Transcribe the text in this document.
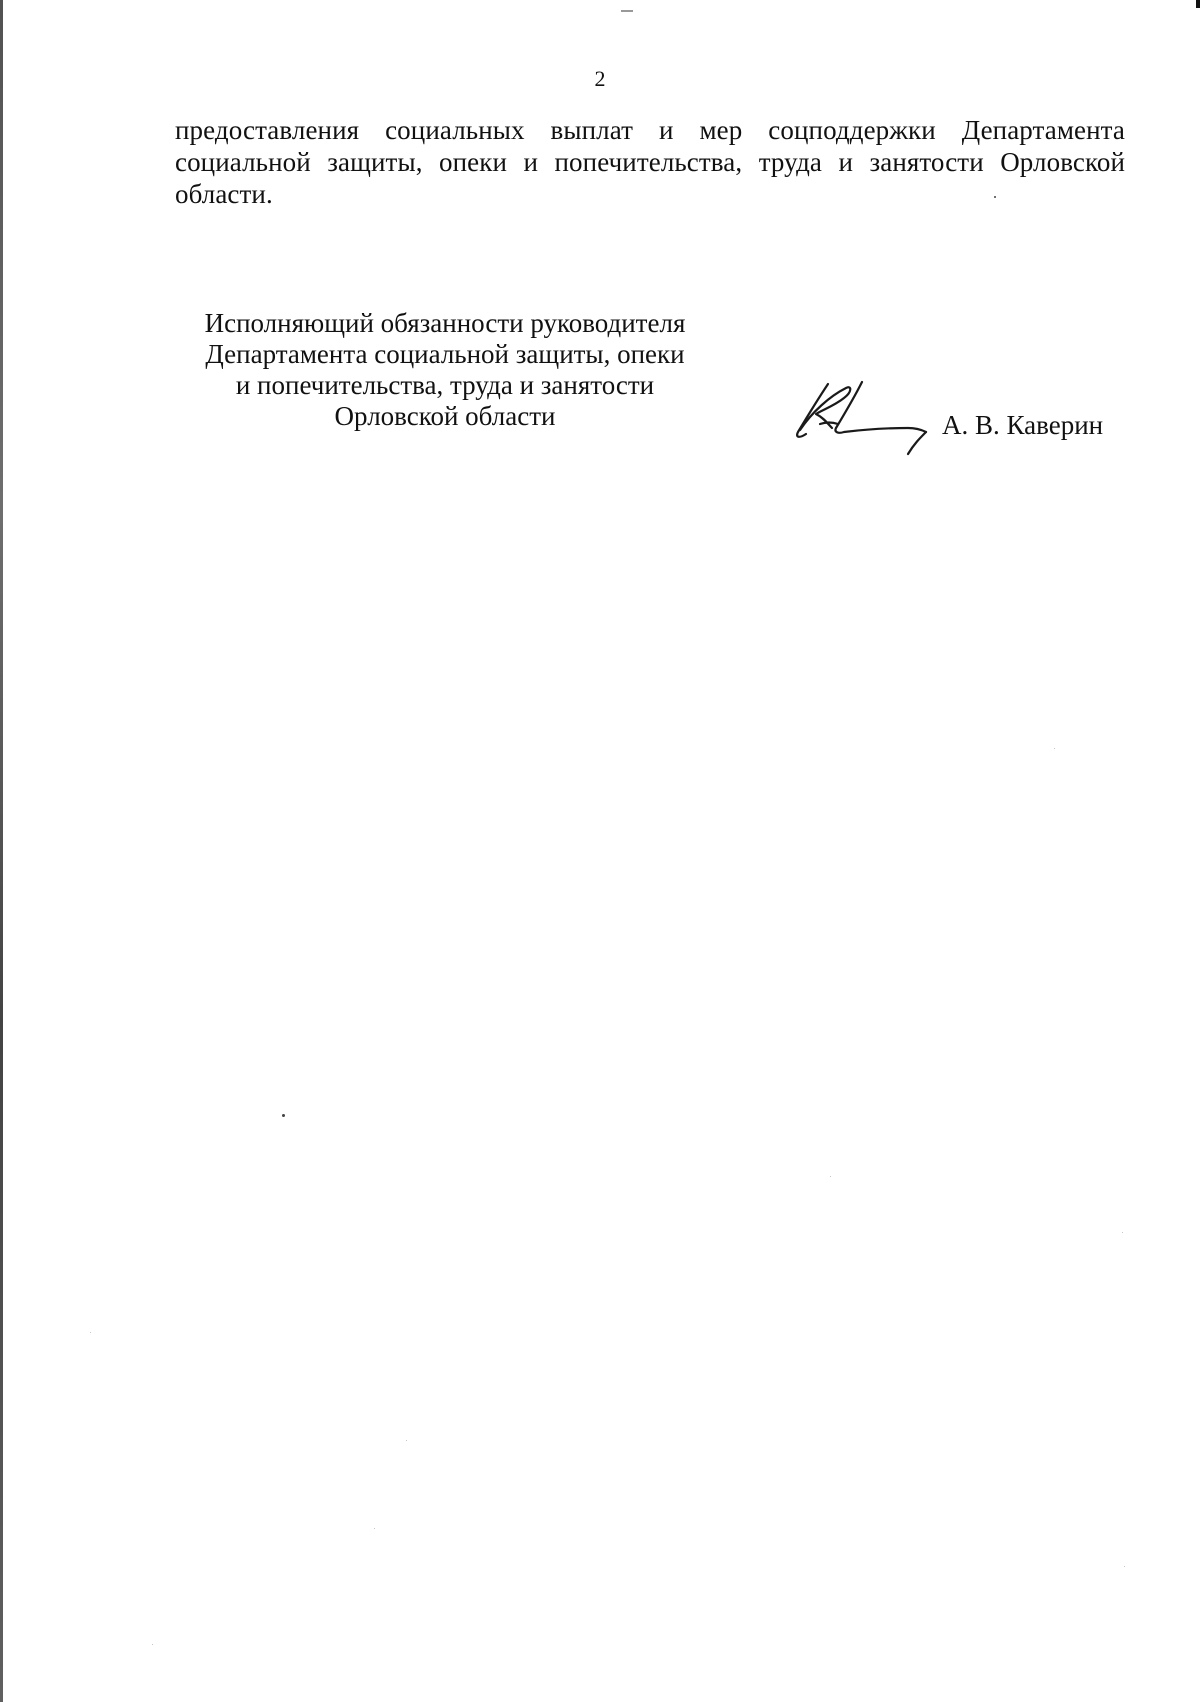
2
предоставления социальных выплат и мер соцподдержки Департамента
социальной защиты, опеки и попечительства, труда и занятости Орловской
области.
Исполняющий обязанности руководителя
Департамента социальной защиты, опеки
и попечительства, труда и занятости
Орловской области	А. В. Каверин
